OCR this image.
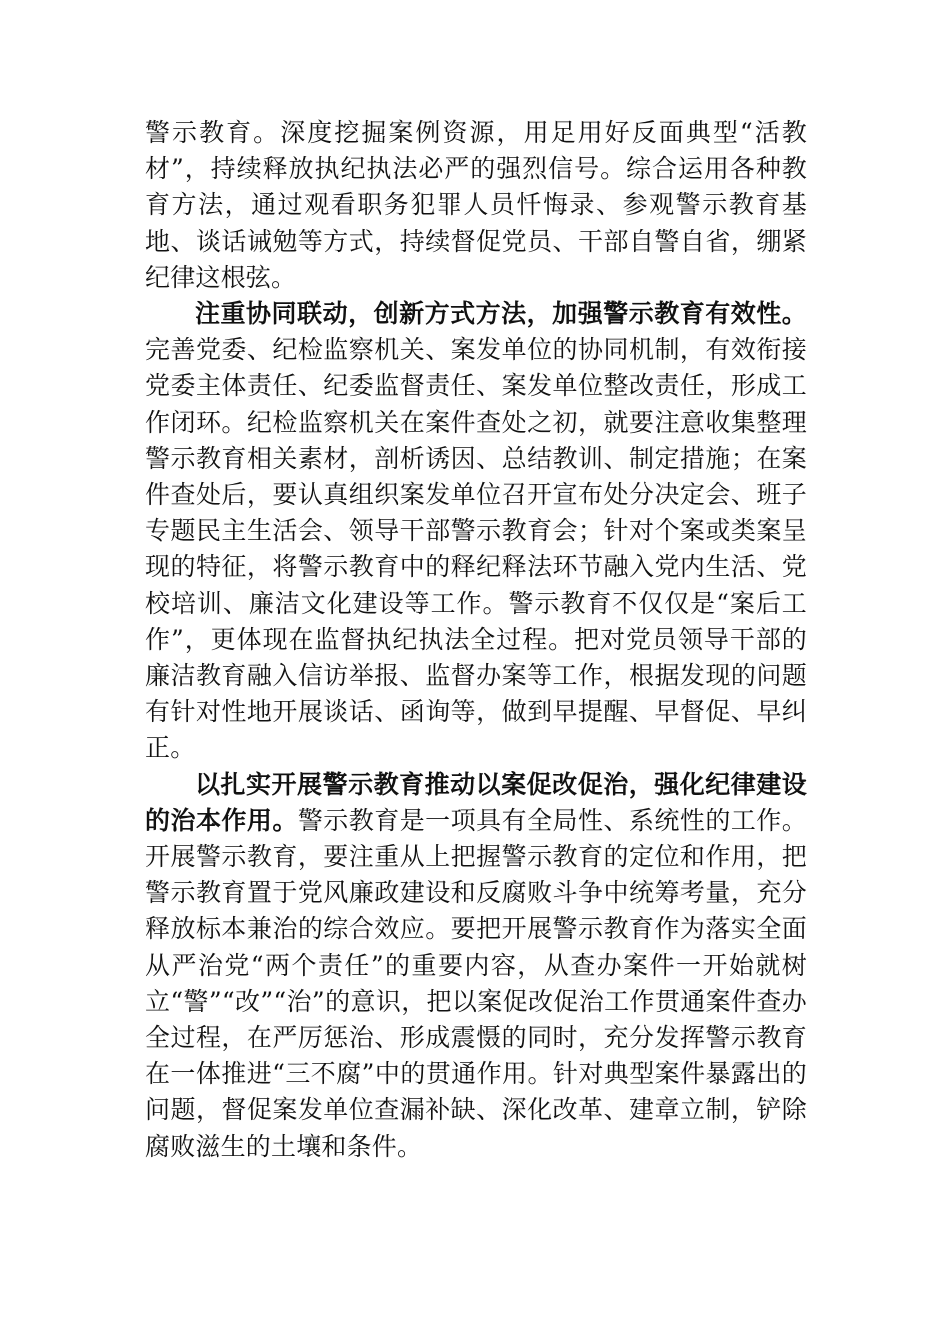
警示教育。深度挖掘案例资源，用足用好反面典型“活教材”，持续释放执纪执法必严的强烈信号。综合运用各种教育方法，通过观看职务犯罪人员忏悔录、参观警示教育基地、谈话诫勉等方式，持续督促党员、干部自警自省，绷紧纪律这根弦。

注重协同联动，创新方式方法，加强警示教育有效性。完善党委、纪检监察机关、案发单位的协同机制，有效衔接党委主体责任、纪委监督责任、案发单位整改责任，形成工作闭环。纪检监察机关在案件查处之初，就要注意收集整理警示教育相关素材，剖析诱因、总结教训、制定措施；在案件查处后，要认真组织案发单位召开宣布处分决定会、班子专题民主生活会、领导干部警示教育会；针对个案或类案呈现的特征，将警示教育中的释纪释法环节融入党内生活、党校培训、廉洁文化建设等工作。警示教育不仅仅是“案后工作”，更体现在监督执纪执法全过程。把对党员领导干部的廉洁教育融入信访举报、监督办案等工作，根据发现的问题有针对性地开展谈话、函询等，做到早提醒、早督促、早纠正。

以扎实开展警示教育推动以案促改促治，强化纪律建设的治本作用。警示教育是一项具有全局性、系统性的工作。开展警示教育，要注重从上把握警示教育的定位和作用，把警示教育置于党风廉政建设和反腐败斗争中统筹考量，充分释放标本兼治的综合效应。要把开展警示教育作为落实全面从严治党“两个责任”的重要内容，从查办案件一开始就树立“警”“改”“治”的意识，把以案促改促治工作贯通案件查办全过程，在严厉惩治、形成震慑的同时，充分发挥警示教育在一体推进“三不腐”中的贯通作用。针对典型案件暴露出的问题，督促案发单位查漏补缺、深化改革、建章立制，铲除腐败滋生的土壤和条件。
